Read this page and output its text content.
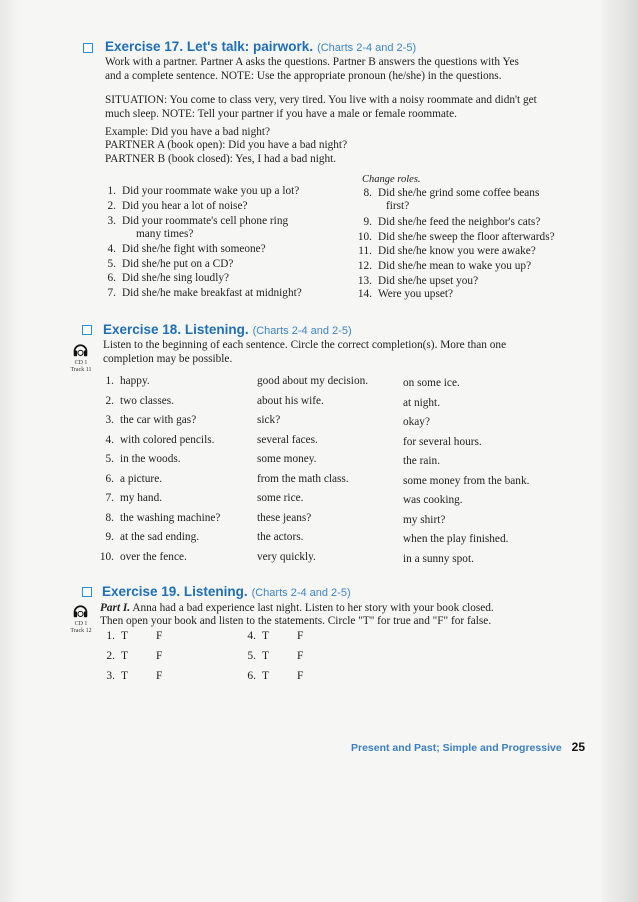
Exercise 17. Let's talk: pairwork. (Charts 2-4 and 2-5)
Work with a partner. Partner A asks the questions. Partner B answers the questions with Yes
and a complete sentence. NOTE: Use the appropriate pronoun (he/she) in the questions.
SITUATION: You come to class very, very tired. You live with a noisy roommate and didn't get
much sleep. NOTE: Tell your partner if you have a male or female roommate.
Example: Did you have a bad night?
PARTNER A (book open): Did you have a bad night?
PARTNER B (book closed): Yes, I had a bad night.
Change roles.
1. Did your roommate wake you up a lot?
2. Did you hear a lot of noise?
3. Did your roommate's cell phone ring
many times?
4. Did she/he fight with someone?
5. Did she/he put on a CD?
6. Did she/he sing loudly?
7. Did she/he make breakfast at midnight?
8. Did she/he grind some coffee beans
first?
9. Did she/he feed the neighbor's cats?
10. Did she/he sweep the floor afterwards?
11. Did she/he know you were awake?
12. Did she/he mean to wake you up?
13. Did she/he upset you?
14. Were you upset?
Exercise 18. Listening. (Charts 2-4 and 2-5)
CD 1
Track 11
Listen to the beginning of each sentence. Circle the correct completion(s). More than one
completion may be possible.
1. happy.	good about my decision.	on some ice.
2. two classes.	about his wife.	at night.
3. the car with gas?	sick?	okay?
4. with colored pencils.	several faces.	for several hours.
5. in the woods.	some money.	the rain.
6. a picture.	from the math class.	some money from the bank.
7. my hand.	some rice.	was cooking.
8. the washing machine?	these jeans?	my shirt?
9. at the sad ending.	the actors.	when the play finished.
10. over the fence.	very quickly.	in a sunny spot.
Exercise 19. Listening. (Charts 2-4 and 2-5)
CD 1
Track 12
Part I. Anna had a bad experience last night. Listen to her story with your book closed.
Then open your book and listen to the statements. Circle "T" for true and "F" for false.
1. T F
2. T F
3. T F
4. T F
5. T F
6. T F
Present and Past; Simple and Progressive 25
